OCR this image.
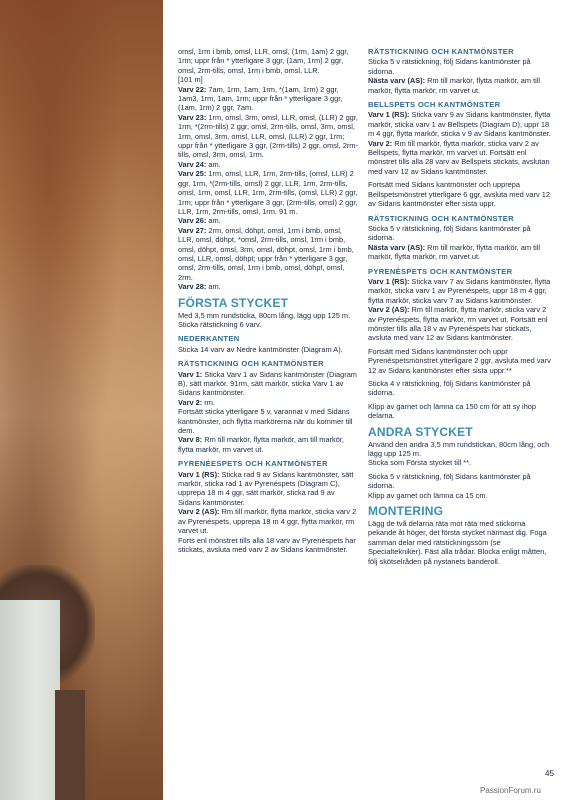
omsl, 1rm i bmb, omsl, LLR, omsl, (1rm, 1am) 2 ggr, 1rm; uppr från * ytterligare 3 ggr, (1am, 1rm) 2 ggr, omsl, 2rm-tills, omsl, 1rm i bmb, omsl, LLR.

[101 m]

Varv 22: 7am, 1rm, 1am, 1rm, *(1am, 1rm) 2 ggr, 1am3, 1rm, 1am, 1rm; uppr från * ytterligare 3 ggr, (1am, 1rm) 2 ggr, 7am.

Varv 23: 1rm, omsl, 3rm, omsl, LLR, omsl, (LLR) 2 ggr, 1rm, *(2rm-tills) 2 ggr, omsl, 2rm-tills, omsl, 3rm, omsl, 1rm, omsl, 3rm, omsl, LLR, omsl, (LLR) 2 ggr, 1rm; uppr från * ytterligare 3 ggr, (2rm-tills) 2 ggr, omsl, 2rm-tills, omsl, 3rm, omsl, 1rm.

Varv 24: am.

Varv 25: 1rm, omsl, LLR, 1rm, 2rm-tills, (omsl, LLR) 2 ggr, 1rm, *(2rm-tills, omsl) 2 ggr, LLR, 1rm, 2rm-tills, omsl, 1rm, omsl, LLR, 1rm, 2rm-tills, (omsl, LLR) 2 ggr, 1rm; uppr från * ytterligare 3 ggr, (2rm-tills, omsl) 2 ggr, LLR, 1rm, 2rm-tills, omsl, 1rm. 91 m.

Varv 26: am.

Varv 27: 2rm, omsl, döhpt, omsl, 1rm i bmb, omsl, LLR, omsl, döhpt, *omsl, 2rm-tills, omsl, 1rm i bmb, omsl, döhpt, omsl, 3rm, omsl, döhpt, omsl, 1rm i bmb, omsl, LLR, omsl, döhpt; uppr från * ytterligare 3 ggr, omsl, 2rm-tills, omsl, 1rm i bmb, omsl, döhpt, omsl, 2rm.

Varv 28: am.

FÖRSTA STYCKET

Med 3,5 mm rundsticka, 80cm lång, lägg upp 125 m.

Sticka rätstickning 6 varv.

NEDERKANTEN

Sticka 14 varv av Nedre kantmönster (Diagram A).

RÄTSTICKNING OCH KANTMÖNSTER

Varv 1: Sticka Varv 1 av Sidans kantmönster (Diagram B), sätt markör, 91rm, sätt markör, sticka Varv 1 av Sidans kantmönster.

Varv 2: rm.

Fortsätt sticka ytterligare 5 v, varannat v med Sidans kantmönster, och flytta markörerna när du kommer till dem.

Varv 8: Rm till markör, flytta markör, am till markör, flytta markör, rm varvet ut.

PYRENÉESPETS OCH KANTMÖNSTER

Varv 1 (RS): Sticka rad 9 av Sidans kantmönster, sätt markör, sticka rad 1 av Pyrenéspets (Diagram C), upprepa 18 m 4 ggr, sätt markör, sticka rad 9 av Sidans kantmönster.

Varv 2 (AS): Rm till markör, flytta markör, sticka varv 2 av Pyrenéspets, upprepa 18 m 4 ggr, flytta markör, rm varvet ut.

Forts enl mönstret tills alla 18 varv av Pyrenéspets har stickats, avsluta med varv 2 av Sidans kantmönster.

RÄTSTICKNING OCH KANTMÖNSTER

Sticka 5 v rätstickning, följ Sidans kantmönster på sidorna.

Nästa varv (AS): Rm till markör, flytta markör, am till markör, flytta markör, rm varvet ut.

BELLSPETS OCH KANTMÖNSTER

Varv 1 (RS): Sticka varv 9 av Sidans kantmönster, flytta markör, sticka varv 1 av Bellspets (Diagram D), uppr 18 m 4 ggr, flytta markör, sticka v 9 av Sidans kantmönster.

Varv 2: Rm till markör, flytta markör, sticka varv 2 av Bellspets, flytta markör, rm varvet ut. Fortsätt enl mönstret tills alla 28 varv av Bellspets stickats, avslutan med varv 12 av Sidans kantmönster.

Fortsätt med Sidans kantmönster och upprepa Bellspetsmönstret ytterligare 6 ggr, avsluta med varv 12 av Sidans kantmönster efter sista uppr.

RÄTSTICKNING OCH KANTMÖNSTER

Sticka 5 v rätstickning, följ Sidans kantmönster på sidorna.

Nästa varv (AS): Rm till markör, flytta markör, am till markör, flytta markör, rm varvet ut.

PYRENÉSPETS OCH KANTMÖNSTER

Varv 1 (RS): Sticka varv 7 av Sidans kantmönster, flytta markör, sticka varv 1 av Pyrenéspets, uppr 18 m 4 ggr, flytta markör, sticka varv 7 av Sidans kantmönster.

Varv 2 (AS): Rm till markör, flytta markör, sticka varv 2 av Pyrenéspets, flytta markör, rm varvet ut. Fortsätt enl mönster tills alla 18 v av Pyrenéspets har stickats, avsluta med varv 12 av Sidans kantmönster.

Fortsätt med Sidans kantmönster och uppr Pyrenéspetsmönstret ytterligare 2 ggr, avsluta med varv 12 av Sidans kantmönster efter sista uppr.**

Sticka 4 v rätstickning, följ Sidans kantmönster på sidorna.

Klipp av garnet och lämna ca 150 cm för att sy ihop delarna.

ANDRA STYCKET

Använd den andra 3,5 mm rundstickan, 80cm lång, och lägg upp 125 m.

Sticka som Första stycket till **.

Sticka 5 v rätstickning, följ Sidans kantmönster på sidorna.

Klipp av garnet och lämna ca 15 cm.

MONTERING

Lägg de två delarna räta mot räta med stickorna pekande åt höger, det första stycket närmast dig. Foga samman delar med rätstickningssöm (se Specialtekniker). Fäst alla trådar. Blocka enligt måtten, följ skötselråden på nystanets banderoll.

45
PassionForum.ru
